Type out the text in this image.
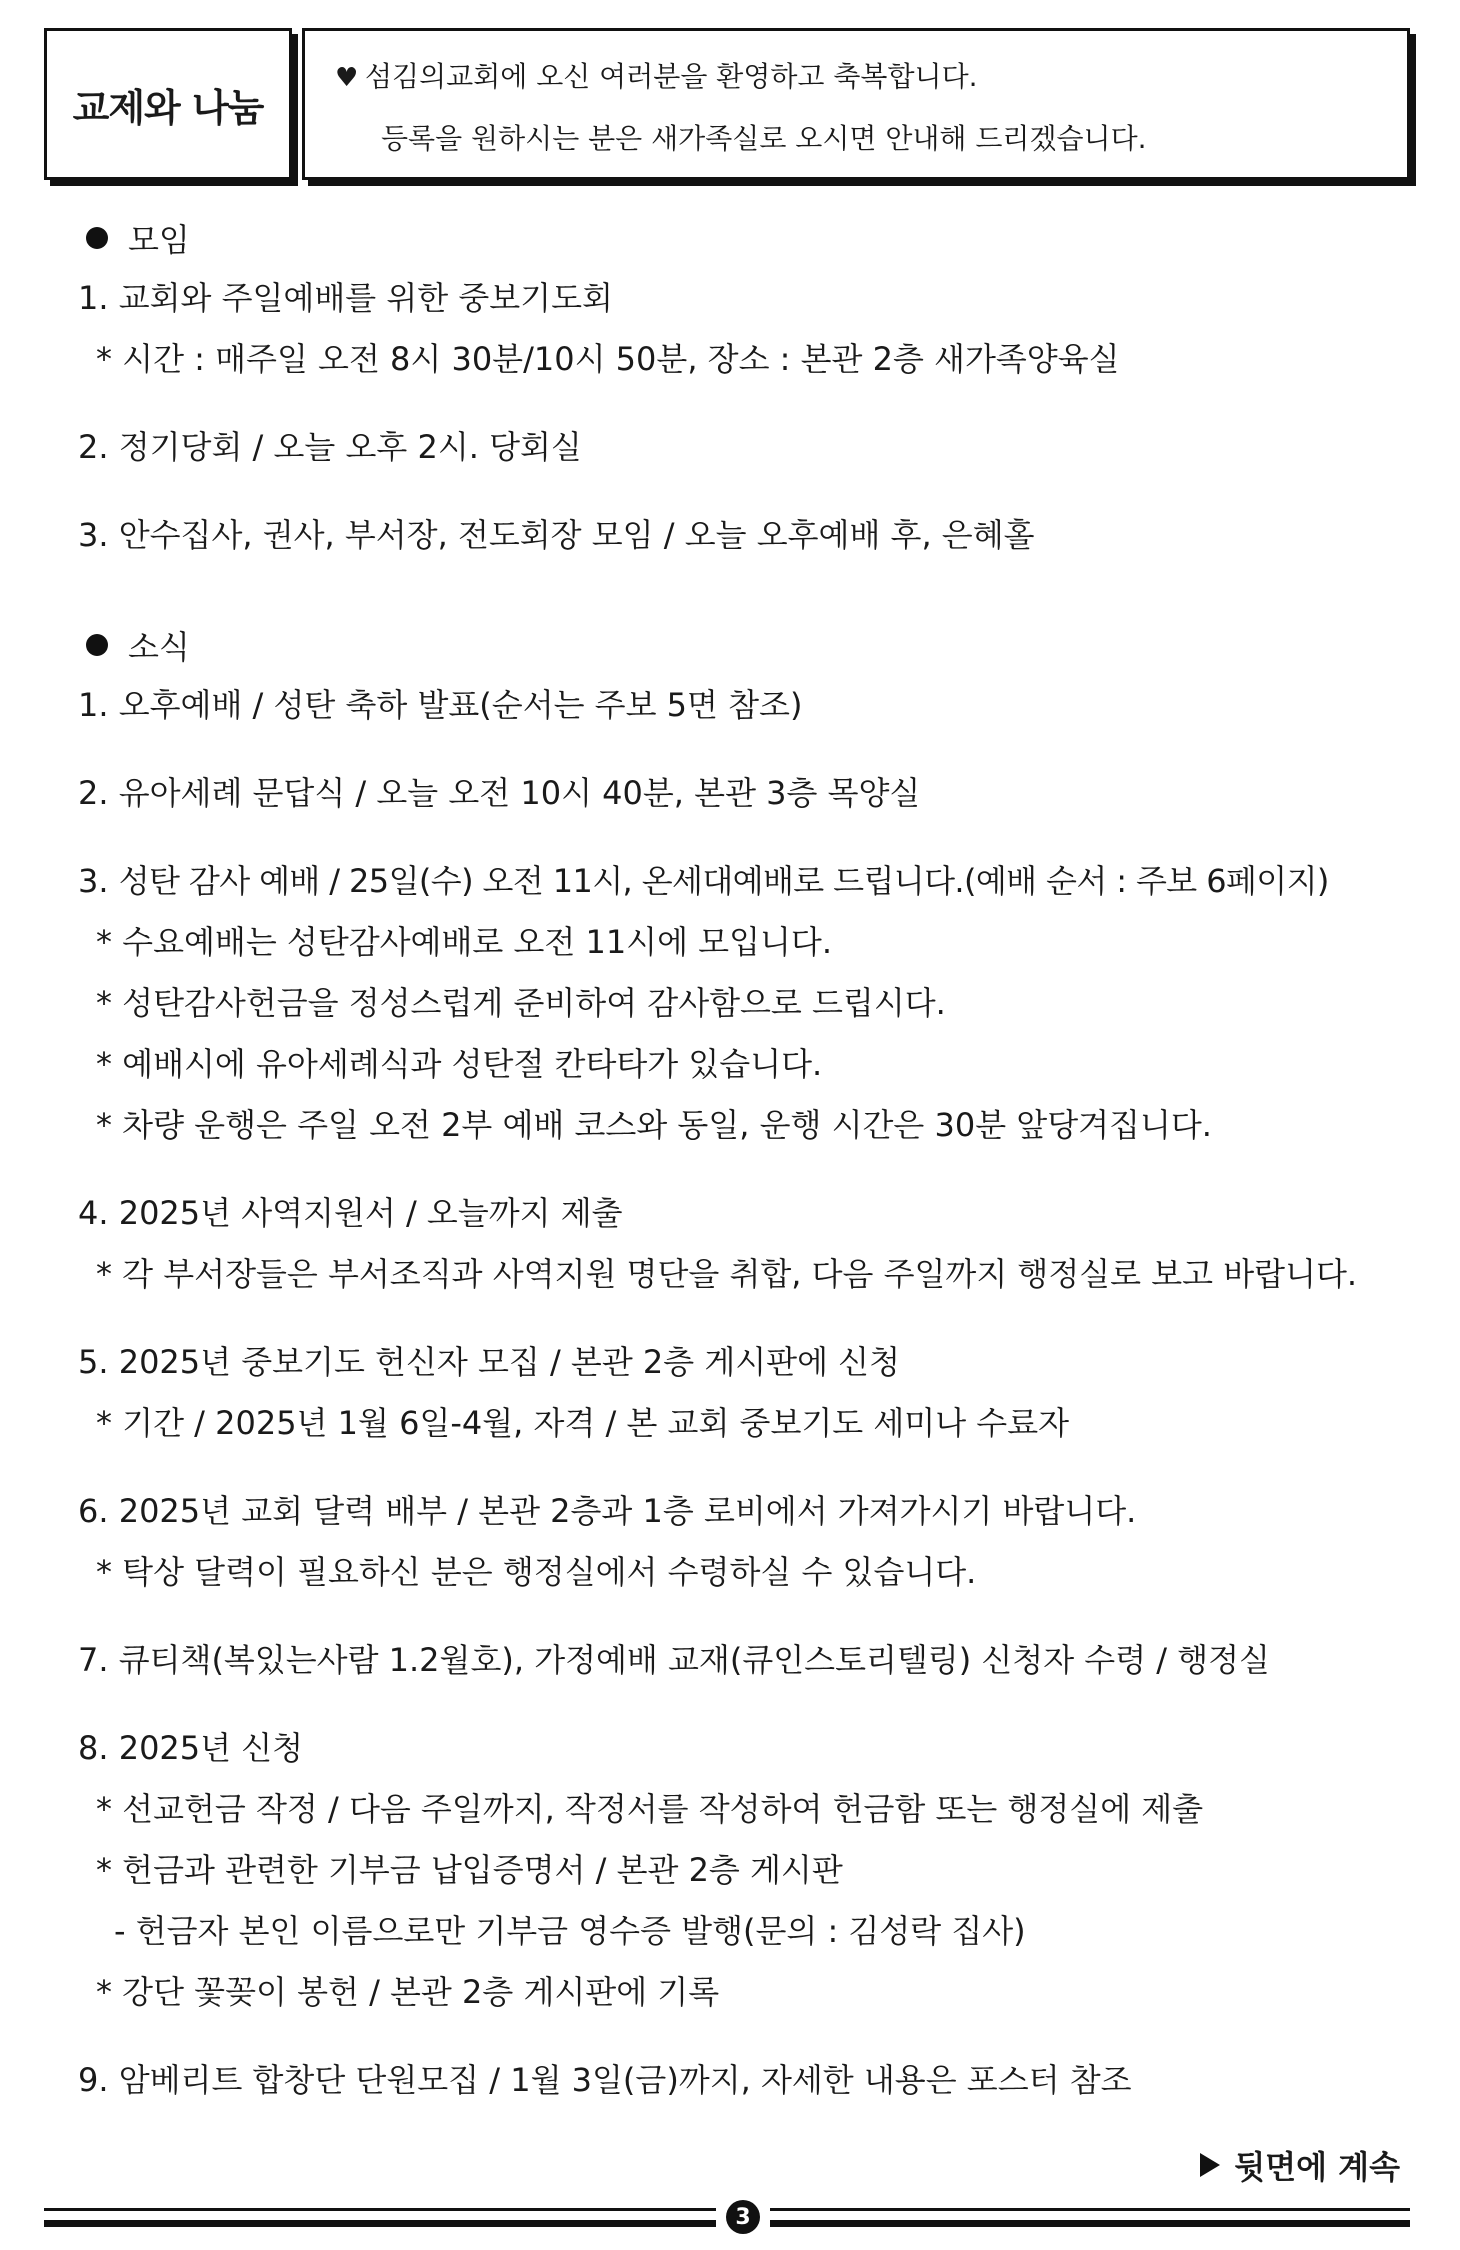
교제와 나눔
♥ 섬김의교회에 오신 여러분을 환영하고 축복합니다.
등록을 원하시는 분은 새가족실로 오시면 안내해 드리겠습니다.
모임
1. 교회와 주일예배를 위한 중보기도회
* 시간 : 매주일 오전 8시 30분/10시 50분, 장소 : 본관 2층 새가족양육실
2. 정기당회 / 오늘 오후 2시. 당회실
3. 안수집사, 권사, 부서장, 전도회장 모임 / 오늘 오후예배 후, 은혜홀
소식
1. 오후예배 / 성탄 축하 발표(순서는 주보 5면 참조)
2. 유아세례 문답식 / 오늘 오전 10시 40분, 본관 3층 목양실
3. 성탄 감사 예배 / 25일(수) 오전 11시, 온세대예배로 드립니다.(예배 순서 : 주보 6페이지)
* 수요예배는 성탄감사예배로 오전 11시에 모입니다.
* 성탄감사헌금을 정성스럽게 준비하여 감사함으로 드립시다.
* 예배시에 유아세례식과 성탄절 칸타타가 있습니다.
* 차량 운행은 주일 오전 2부 예배 코스와 동일, 운행 시간은 30분 앞당겨집니다.
4. 2025년 사역지원서 / 오늘까지 제출
* 각 부서장들은 부서조직과 사역지원 명단을 취합, 다음 주일까지 행정실로 보고 바랍니다.
5. 2025년 중보기도 헌신자 모집 / 본관 2층 게시판에 신청
* 기간 / 2025년 1월 6일-4월, 자격 / 본 교회 중보기도 세미나 수료자
6. 2025년 교회 달력 배부 / 본관 2층과 1층 로비에서 가져가시기 바랍니다.
* 탁상 달력이 필요하신 분은 행정실에서 수령하실 수 있습니다.
7. 큐티책(복있는사람 1.2월호), 가정예배 교재(큐인스토리텔링) 신청자 수령 / 행정실
8. 2025년 신청
* 선교헌금 작정 / 다음 주일까지, 작정서를 작성하여 헌금함 또는 행정실에 제출
* 헌금과 관련한 기부금 납입증명서 / 본관 2층 게시판
- 헌금자 본인 이름으로만 기부금 영수증 발행(문의 : 김성락 집사)
* 강단 꽃꽂이 봉헌 / 본관 2층 게시판에 기록
9. 암베리트 합창단 단원모집 / 1월 3일(금)까지, 자세한 내용은 포스터 참조
뒷면에 계속
3
